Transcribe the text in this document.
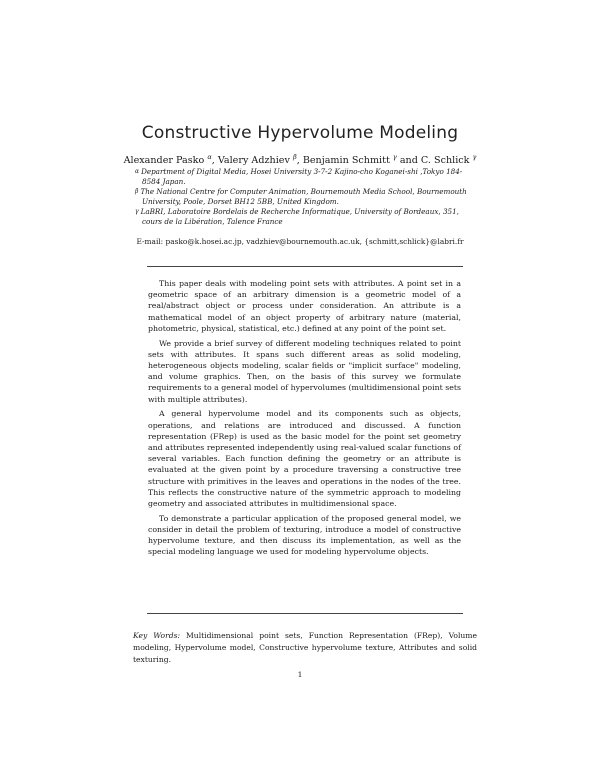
Constructive Hypervolume Modeling
Alexander Pasko $^\alpha$, Valery Adzhiev $^\beta$, Benjamin Schmitt $^\gamma$ and C. Schlick $^\gamma$
$^\alpha$ Department of Digital Media, Hosei University 3-7-2 Kajino-cho Koganei-shi ,Tokyo 184-8584 Japan.
$^\beta$ The National Centre for Computer Animation, Bournemouth Media School, Bournemouth University, Poole, Dorset BH12 5BB, United Kingdom.
$^\gamma$ LaBRI, Laboratoire Bordelais de Recherche Informatique, University of Bordeaux, 351, cours de la Libération, Talence France
E-mail: pasko@k.hosei.ac.jp, vadzhiev@bournemouth.ac.uk, {schmitt,schlick}@labri.fr

This paper deals with modeling point sets with attributes. A point set in a geometric space of an arbitrary dimension is a geometric model of a real/abstract object or process under consideration. An attribute is a mathematical model of an object property of arbitrary nature (material, photometric, physical, statistical, etc.) defined at any point of the point set.

We provide a brief survey of different modeling techniques related to point sets with attributes. It spans such different areas as solid modeling, heterogeneous objects modeling, scalar fields or "implicit surface" modeling, and volume graphics. Then, on the basis of this survey we formulate requirements to a general model of hypervolumes (multidimensional point sets with multiple attributes).

A general hypervolume model and its components such as objects, operations, and relations are introduced and discussed. A function representation (FRep) is used as the basic model for the point set geometry and attributes represented independently using real-valued scalar functions of several variables. Each function defining the geometry or an attribute is evaluated at the given point by a procedure traversing a constructive tree structure with primitives in the leaves and operations in the nodes of the tree. This reflects the constructive nature of the symmetric approach to modeling geometry and associated attributes in multidimensional space.

To demonstrate a particular application of the proposed general model, we consider in detail the problem of texturing, introduce a model of constructive hypervolume texture, and then discuss its implementation, as well as the special modeling language we used for modeling hypervolume objects.

Key Words: Multidimensional point sets, Function Representation (FRep), Volume modeling, Hypervolume model, Constructive hypervolume texture, Attributes and solid texturing.
1
